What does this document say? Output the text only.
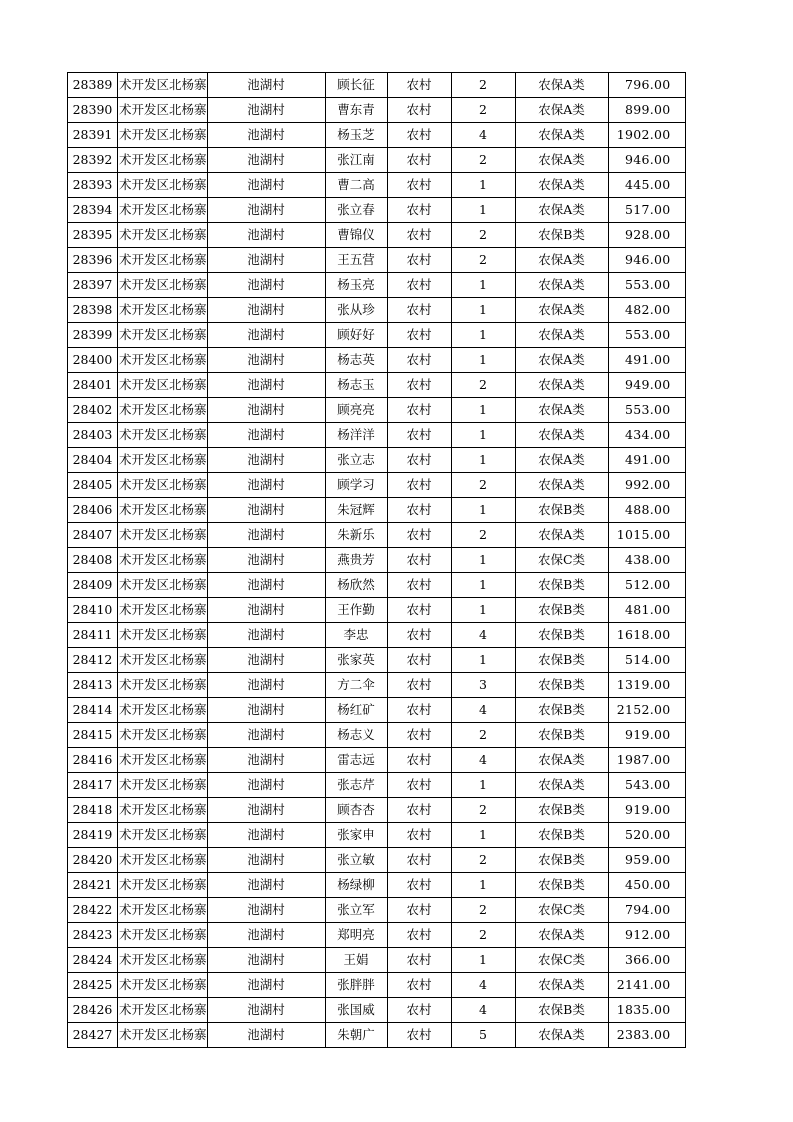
28389	术开发区北杨寨	池湖村	顾长征	农村	2	农保A类	796.00
28390	术开发区北杨寨	池湖村	曹东青	农村	2	农保A类	899.00
28391	术开发区北杨寨	池湖村	杨玉芝	农村	4	农保A类	1902.00
28392	术开发区北杨寨	池湖村	张江南	农村	2	农保A类	946.00
28393	术开发区北杨寨	池湖村	曹二高	农村	1	农保A类	445.00
28394	术开发区北杨寨	池湖村	张立春	农村	1	农保A类	517.00
28395	术开发区北杨寨	池湖村	曹锦仪	农村	2	农保B类	928.00
28396	术开发区北杨寨	池湖村	王五营	农村	2	农保A类	946.00
28397	术开发区北杨寨	池湖村	杨玉亮	农村	1	农保A类	553.00
28398	术开发区北杨寨	池湖村	张从珍	农村	1	农保A类	482.00
28399	术开发区北杨寨	池湖村	顾好好	农村	1	农保A类	553.00
28400	术开发区北杨寨	池湖村	杨志英	农村	1	农保A类	491.00
28401	术开发区北杨寨	池湖村	杨志玉	农村	2	农保A类	949.00
28402	术开发区北杨寨	池湖村	顾亮亮	农村	1	农保A类	553.00
28403	术开发区北杨寨	池湖村	杨洋洋	农村	1	农保A类	434.00
28404	术开发区北杨寨	池湖村	张立志	农村	1	农保A类	491.00
28405	术开发区北杨寨	池湖村	顾学习	农村	2	农保A类	992.00
28406	术开发区北杨寨	池湖村	朱冠辉	农村	1	农保B类	488.00
28407	术开发区北杨寨	池湖村	朱新乐	农村	2	农保A类	1015.00
28408	术开发区北杨寨	池湖村	燕贵芳	农村	1	农保C类	438.00
28409	术开发区北杨寨	池湖村	杨欣然	农村	1	农保B类	512.00
28410	术开发区北杨寨	池湖村	王作勤	农村	1	农保B类	481.00
28411	术开发区北杨寨	池湖村	李忠	农村	4	农保B类	1618.00
28412	术开发区北杨寨	池湖村	张家英	农村	1	农保B类	514.00
28413	术开发区北杨寨	池湖村	方二伞	农村	3	农保B类	1319.00
28414	术开发区北杨寨	池湖村	杨红矿	农村	4	农保B类	2152.00
28415	术开发区北杨寨	池湖村	杨志义	农村	2	农保B类	919.00
28416	术开发区北杨寨	池湖村	雷志远	农村	4	农保A类	1987.00
28417	术开发区北杨寨	池湖村	张志芹	农村	1	农保A类	543.00
28418	术开发区北杨寨	池湖村	顾杏杏	农村	2	农保B类	919.00
28419	术开发区北杨寨	池湖村	张家申	农村	1	农保B类	520.00
28420	术开发区北杨寨	池湖村	张立敏	农村	2	农保B类	959.00
28421	术开发区北杨寨	池湖村	杨绿柳	农村	1	农保B类	450.00
28422	术开发区北杨寨	池湖村	张立军	农村	2	农保C类	794.00
28423	术开发区北杨寨	池湖村	郑明亮	农村	2	农保A类	912.00
28424	术开发区北杨寨	池湖村	王娟	农村	1	农保C类	366.00
28425	术开发区北杨寨	池湖村	张胖胖	农村	4	农保A类	2141.00
28426	术开发区北杨寨	池湖村	张国威	农村	4	农保B类	1835.00
28427	术开发区北杨寨	池湖村	朱朝广	农村	5	农保A类	2383.00
